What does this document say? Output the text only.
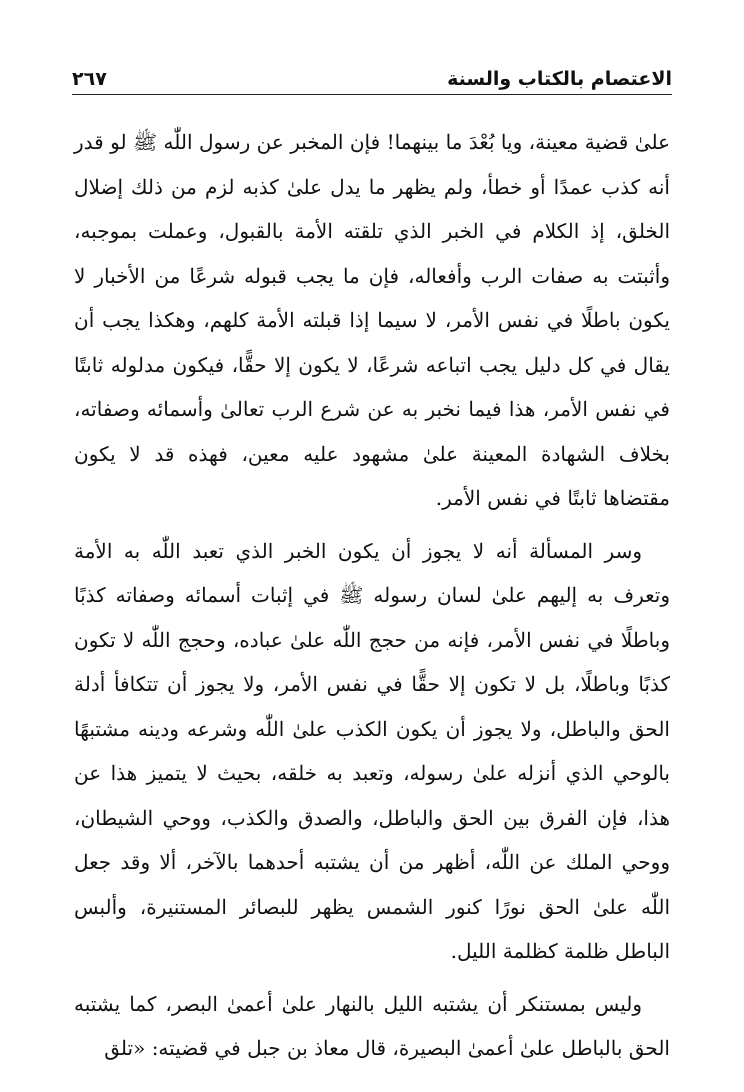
الاعتصام بالكتاب والسنة
٢٦٧

علىٰ قضية معينة، ويا بُعْدَ ما بينهما! فإن المخبر عن رسول اللّٰه ﷺ لو قدر أنه كذب عمدًا أو خطأ، ولم يظهر ما يدل علىٰ كذبه لزم من ذلك إضلال الخلق، إذ الكلام في الخبر الذي تلقته الأمة بالقبول، وعملت بموجبه، وأثبتت به صفات الرب وأفعاله، فإن ما يجب قبوله شرعًا من الأخبار لا يكون باطلًا في نفس الأمر، لا سيما إذا قبلته الأمة كلهم، وهكذا يجب أن يقال في كل دليل يجب اتباعه شرعًا، لا يكون إلا حقًّا، فيكون مدلوله ثابتًا في نفس الأمر، هذا فيما نخبر به عن شرع الرب تعالىٰ وأسمائه وصفاته، بخلاف الشهادة المعينة علىٰ مشهود عليه معين، فهذه قد لا يكون مقتضاها ثابتًا في نفس الأمر.

وسر المسألة أنه لا يجوز أن يكون الخبر الذي تعبد اللّٰه به الأمة وتعرف به إليهم علىٰ لسان رسوله ﷺ في إثبات أسمائه وصفاته كذبًا وباطلًا في نفس الأمر، فإنه من حجج اللّٰه علىٰ عباده، وحجج اللّٰه لا تكون كذبًا وباطلًا، بل لا تكون إلا حقًّا في نفس الأمر، ولا يجوز أن تتكافأ أدلة الحق والباطل، ولا يجوز أن يكون الكذب علىٰ اللّٰه وشرعه ودينه مشتبهًا بالوحي الذي أنزله علىٰ رسوله، وتعبد به خلقه، بحيث لا يتميز هذا عن هذا، فإن الفرق بين الحق والباطل، والصدق والكذب، ووحي الشيطان، ووحي الملك عن اللّٰه، أظهر من أن يشتبه أحدهما بالآخر، ألا وقد جعل اللّٰه علىٰ الحق نورًا كنور الشمس يظهر للبصائر المستنيرة، وألبس الباطل ظلمة كظلمة الليل.

وليس بمستنكر أن يشتبه الليل بالنهار علىٰ أعمىٰ البصر، كما يشتبه الحق بالباطل علىٰ أعمىٰ البصيرة، قال معاذ بن جبل في قضيته: «تلق
